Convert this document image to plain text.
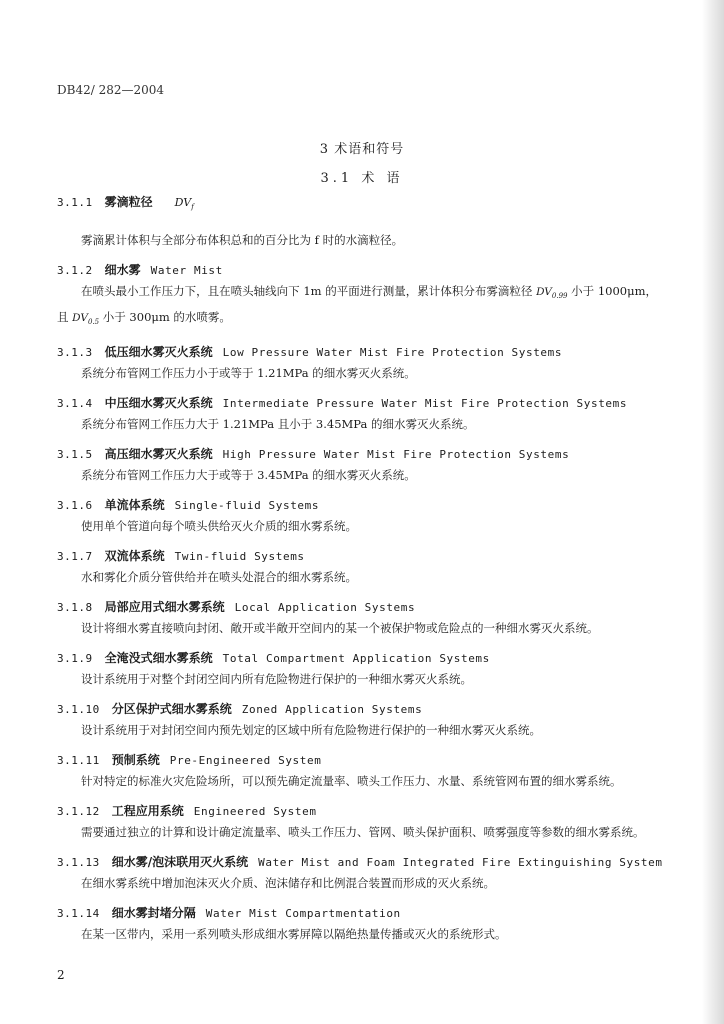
DB42/ 282—2004
3 术语和符号
3.1 术 语
3.1.1 雾滴粒径 $DV_f$
雾滴累计体积与全部分布体积总和的百分比为 f 时的水滴粒径。
3.1.2 细水雾 Water Mist
在喷头最小工作压力下，且在喷头轴线向下 1m 的平面进行测量，累计体积分布雾滴粒径 $DV_{0.99}$ 小于 1000μm，且 $DV_{0.5}$ 小于 300μm 的水喷雾。
3.1.3 低压细水雾灭火系统 Low Pressure Water Mist Fire Protection Systems
系统分布管网工作压力小于或等于 1.21MPa 的细水雾灭火系统。
3.1.4 中压细水雾灭火系统 Intermediate Pressure Water Mist Fire Protection Systems
系统分布管网工作压力大于 1.21MPa 且小于 3.45MPa 的细水雾灭火系统。
3.1.5 高压细水雾灭火系统 High Pressure Water Mist Fire Protection Systems
系统分布管网工作压力大于或等于 3.45MPa 的细水雾灭火系统。
3.1.6 单流体系统 Single-fluid Systems
使用单个管道向每个喷头供给灭火介质的细水雾系统。
3.1.7 双流体系统 Twin-fluid Systems
水和雾化介质分管供给并在喷头处混合的细水雾系统。
3.1.8 局部应用式细水雾系统 Local Application Systems
设计将细水雾直接喷向封闭、敞开或半敞开空间内的某一个被保护物或危险点的一种细水雾灭火系统。
3.1.9 全淹没式细水雾系统 Total Compartment Application Systems
设计系统用于对整个封闭空间内所有危险物进行保护的一种细水雾灭火系统。
3.1.10 分区保护式细水雾系统 Zoned Application Systems
设计系统用于对封闭空间内预先划定的区域中所有危险物进行保护的一种细水雾灭火系统。
3.1.11 预制系统 Pre-Engineered System
针对特定的标准火灾危险场所，可以预先确定流量率、喷头工作压力、水量、系统管网布置的细水雾系统。
3.1.12 工程应用系统 Engineered System
需要通过独立的计算和设计确定流量率、喷头工作压力、管网、喷头保护面积、喷雾强度等参数的细水雾系统。
3.1.13 细水雾/泡沫联用灭火系统 Water Mist and Foam Integrated Fire Extinguishing System
在细水雾系统中增加泡沫灭火介质、泡沫储存和比例混合装置而形成的灭火系统。
3.1.14 细水雾封堵分隔 Water Mist Compartmentation
在某一区带内，采用一系列喷头形成细水雾屏障以隔绝热量传播或灭火的系统形式。
2
